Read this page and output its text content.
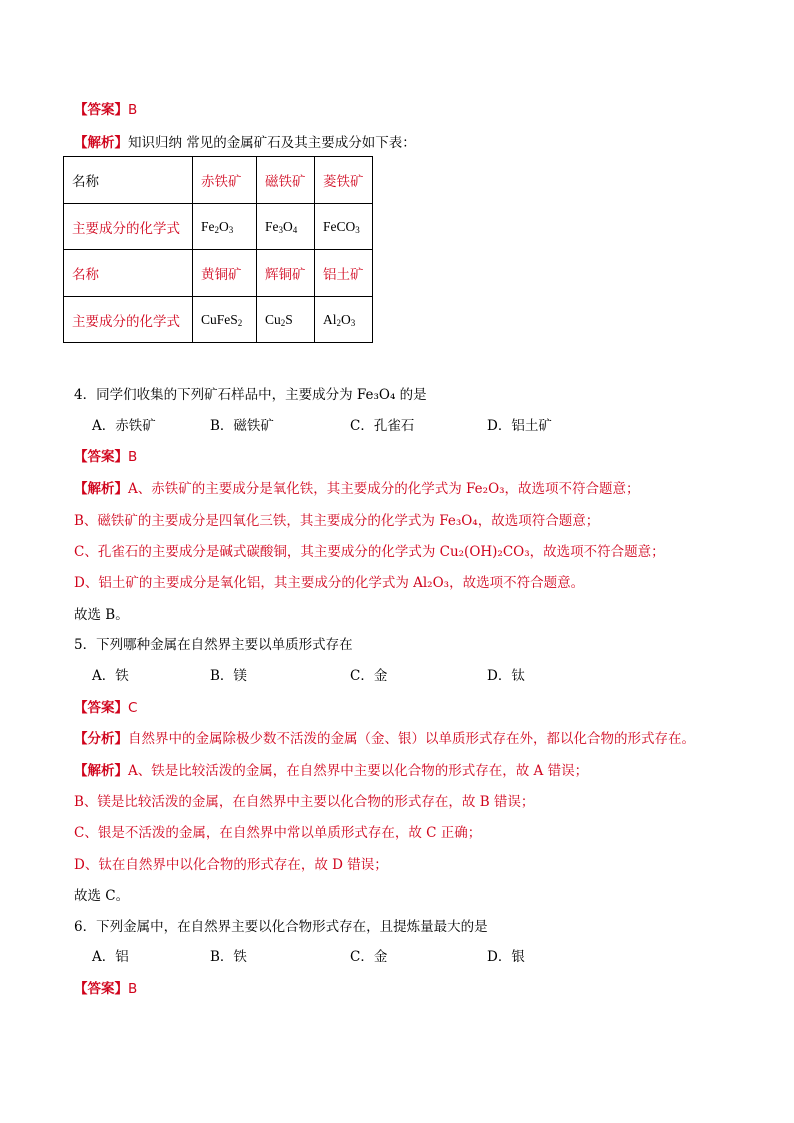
【答案】B
【解析】知识归纳 常见的金属矿石及其主要成分如下表：
名称	赤铁矿	磁铁矿	菱铁矿
主要成分的化学式	$Fe_2O_3$	$Fe_3O_4$	FeCO$_3$
名称	黄铜矿	辉铜矿	铝土矿
主要成分的化学式	CuFeS$_2$	$Cu_2S$	$Al_2O_3$
4．同学们收集的下列矿石样品中，主要成分为 Fe₃O₄ 的是
A．赤铁矿	B．磁铁矿	C．孔雀石	D．铝土矿
【答案】B
【解析】A、赤铁矿的主要成分是氧化铁，其主要成分的化学式为 Fe₂O₃，故选项不符合题意；
B、磁铁矿的主要成分是四氧化三铁，其主要成分的化学式为 Fe₃O₄，故选项符合题意；
C、孔雀石的主要成分是碱式碳酸铜，其主要成分的化学式为 Cu₂(OH)₂CO₃，故选项不符合题意；
D、铝土矿的主要成分是氧化铝，其主要成分的化学式为 Al₂O₃，故选项不符合题意。
故选 B。
5．下列哪种金属在自然界主要以单质形式存在
A．铁	B．镁	C．金	D．钛
【答案】C
【分析】自然界中的金属除极少数不活泼的金属（金、银）以单质形式存在外，都以化合物的形式存在。
【解析】A、铁是比较活泼的金属，在自然界中主要以化合物的形式存在，故 A 错误；
B、镁是比较活泼的金属，在自然界中主要以化合物的形式存在，故 B 错误；
C、银是不活泼的金属，在自然界中常以单质形式存在，故 C 正确；
D、钛在自然界中以化合物的形式存在，故 D 错误；
故选 C。
6．下列金属中，在自然界主要以化合物形式存在，且提炼量最大的是
A．铝	B．铁	C．金	D．银
【答案】B
